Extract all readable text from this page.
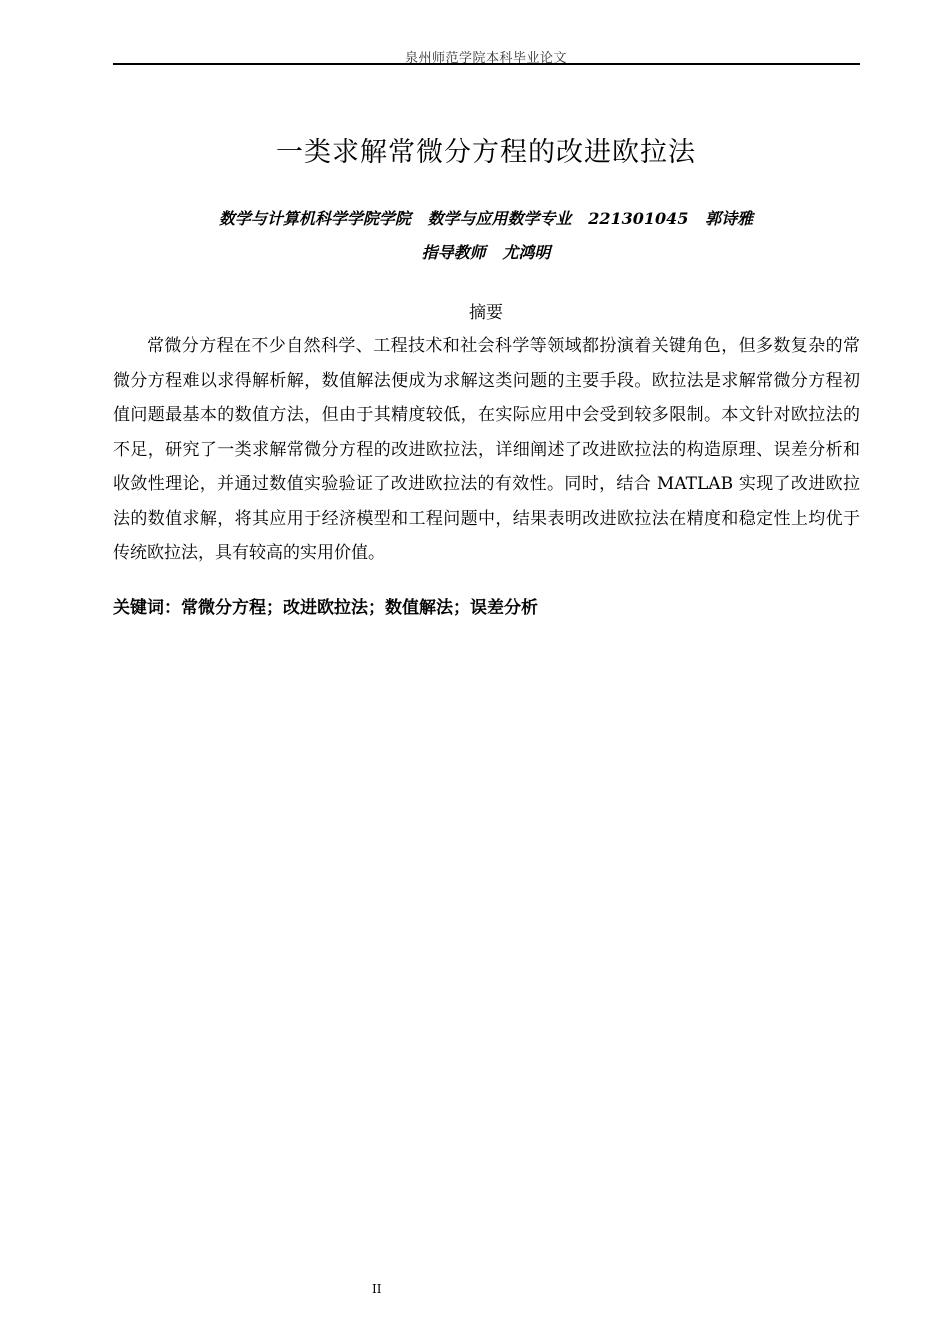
泉州师范学院本科毕业论文
一类求解常微分方程的改进欧拉法
数学与计算机科学学院学院   数学与应用数学专业   221301045   郭诗雅
指导教师   尤鸿明
摘要

常微分方程在不少自然科学、工程技术和社会科学等领域都扮演着关键角色，但多数复杂的常微分方程难以求得解析解，数值解法便成为求解这类问题的主要手段。欧拉法是求解常微分方程初值问题最基本的数值方法，但由于其精度较低，在实际应用中会受到较多限制。本文针对欧拉法的不足，研究了一类求解常微分方程的改进欧拉法，详细阐述了改进欧拉法的构造原理、误差分析和收敛性理论，并通过数值实验验证了改进欧拉法的有效性。同时，结合 MATLAB 实现了改进欧拉法的数值求解，将其应用于经济模型和工程问题中，结果表明改进欧拉法在精度和稳定性上均优于传统欧拉法，具有较高的实用价值。

关键词：常微分方程；改进欧拉法；数值解法；误差分析
II
